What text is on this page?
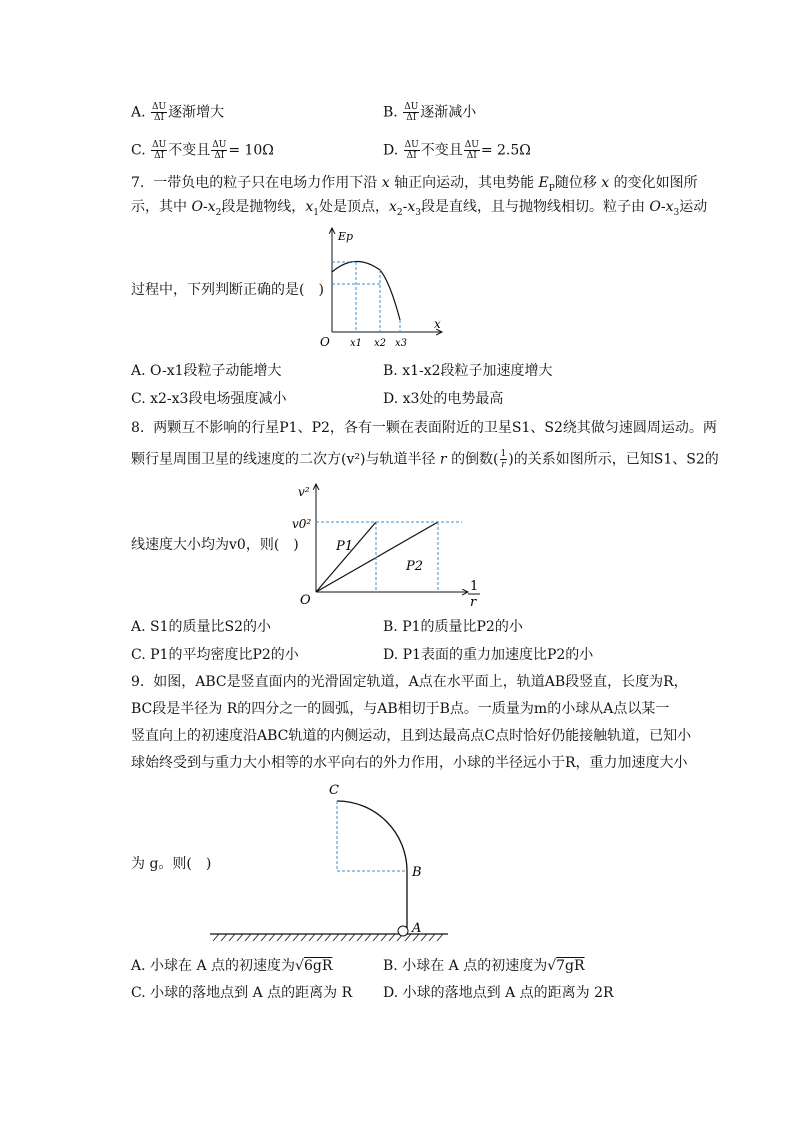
A. $\frac{\Delta U}{\Delta I}$ 逐渐增大	B. $\frac{\Delta U}{\Delta I}$ 逐渐减小
C. $\frac{\Delta U}{\Delta I}$ 不变且 $\frac{\Delta U}{\Delta I} = 10\Omega$	D. $\frac{\Delta U}{\Delta I}$ 不变且 $\frac{\Delta U}{\Delta I} = 2.5\Omega$
7. 一带负电的粒子只在电场力作用下沿 x 轴正向运动，其电势能 $E_P$随位移 x 的变化如图所
示，其中 $O-x_2$段是抛物线，$x_1$处是顶点，$x_2-x_3$段是直线，且与抛物线相切。粒子由 $O-x_3$运动
过程中，下列判断正确的是(　)
Ep
x
O x1 x2 x3
A. O-x1段粒子动能增大	B. x1-x2段粒子加速度增大
C. x2-x3段电场强度减小	D. x3处的电势最高
8. 两颗互不影响的行星P1、P2，各有一颗在表面附近的卫星S1、S2绕其做匀速圆周运动。两
颗行星周围卫星的线速度的二次方(v²)与轨道半径 r 的倒数( $\frac{1}{r}$ )的关系如图所示，已知S1、S2的
线速度大小均为v0，则(　)
v²
v0²
P1
P2
O
1
r
A. S1的质量比S2的小	B. P1的质量比P2的小
C. P1的平均密度比P2的小	D. P1表面的重力加速度比P2的小
9. 如图，ABC是竖直面内的光滑固定轨道，A点在水平面上，轨道AB段竖直，长度为R，
BC段是半径为 R的四分之一的圆弧，与AB相切于B点。一质量为m的小球从A点以某一
竖直向上的初速度沿ABC轨道的内侧运动，且到达最高点C点时恰好仍能接触轨道，已知小
球始终受到与重力大小相等的水平向右的外力作用，小球的半径远小于R，重力加速度大小
为 g。则(　)
C
B
A
A. 小球在 A 点的初速度为√6gR	B. 小球在 A 点的初速度为√7gR
C. 小球的落地点到 A 点的距离为 R D. 小球的落地点到 A 点的距离为 2R
